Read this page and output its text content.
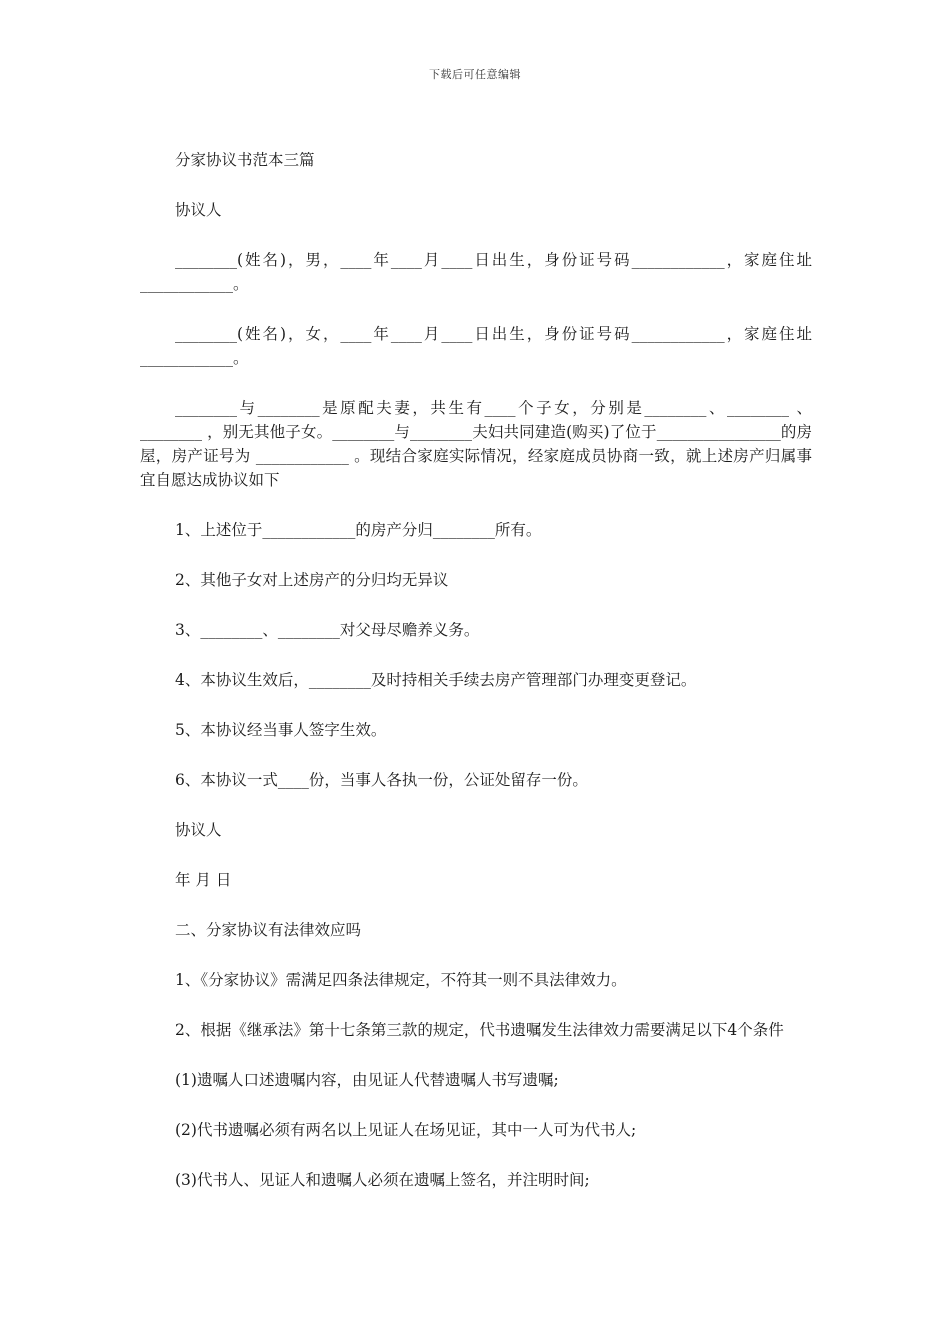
下载后可任意编辑

分家协议书范本三篇

协议人

________(姓名)，男，____年____月____日出生，身份证号码____________，家庭住址____________。

________(姓名)，女，____年____月____日出生，身份证号码____________，家庭住址____________。

________与________是原配夫妻，共生有____个子女，分别是________、________ 、________ ，别无其他子女。________与________夫妇共同建造(购买)了位于________________的房屋，房产证号为 ____________ 。现结合家庭实际情况，经家庭成员协商一致，就上述房产归属事宜自愿达成协议如下

1、上述位于____________的房产分归________所有。

2、其他子女对上述房产的分归均无异议

3、________、________对父母尽赡养义务。

4、本协议生效后，________及时持相关手续去房产管理部门办理变更登记。

5、本协议经当事人签字生效。

6、本协议一式____份，当事人各执一份，公证处留存一份。

协议人

年 月 日

二、分家协议有法律效应吗

1、《分家协议》需满足四条法律规定，不符其一则不具法律效力。

2、根据《继承法》第十七条第三款的规定，代书遗嘱发生法律效力需要满足以下4个条件

(1)遗嘱人口述遗嘱内容，由见证人代替遗嘱人书写遗嘱;

(2)代书遗嘱必须有两名以上见证人在场见证，其中一人可为代书人;

(3)代书人、见证人和遗嘱人必须在遗嘱上签名，并注明时间;
